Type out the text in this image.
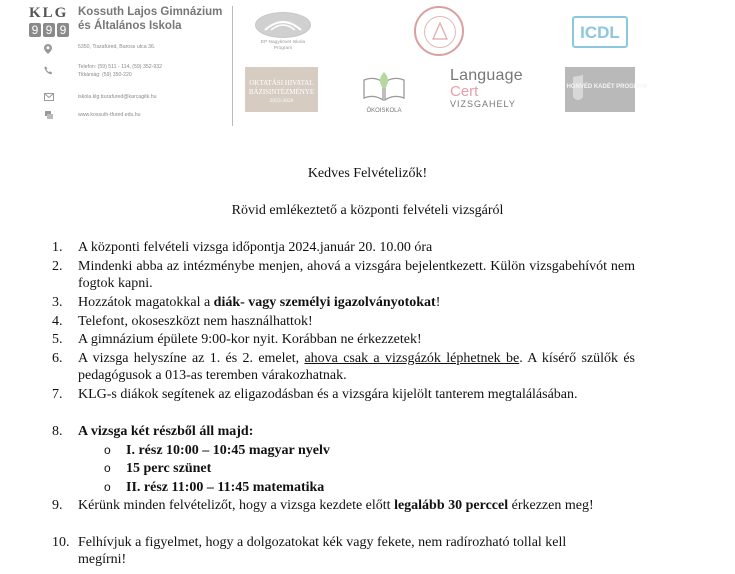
KLG
9 9 9
Kossuth Lajos Gimnázium
és Általános Iskola
5350, Tiszafüred, Baross utca 36.
Telefon: (59) 511 - 114, (59) 352-932
Titkárság: (59) 350-220
iskola.klg.tiszafured@karcagitk.hu
www.kossuth-tfured.edu.hu
EP Nagykövet Iskola Program
ICDL
OKTATÁSI HIVATAL
BÁZISINTÉZMÉNYE
2023-2026
ÖKOISKOLA
Language
Cert
VIZSGAHELY
HONVÉD KADÉT PROGRAM
Kedves Felvételizők!
Rövid emlékeztető a központi felvételi vizsgáról
1.	A központi felvételi vizsga időpontja 2024.január 20. 10.00 óra
2.	Mindenki abba az intézménybe menjen, ahová a vizsgára bejelentkezett. Külön vizsgabehívót nem fogtok kapni.
3.	Hozzátok magatokkal a diák- vagy személyi igazolványotokat!
4.	Telefont, okoseszközt nem használhattok!
5.	A gimnázium épülete 9:00-kor nyit. Korábban ne érkezzetek!
6.	A vizsga helyszíne az 1. és 2. emelet, ahova csak a vizsgázók léphetnek be. A kísérő szülők és pedagógusok a 013-as teremben várakozhatnak.
7.	KLG-s diákok segítenek az eligazodásban és a vizsgára kijelölt tanterem megtalálásában.
8.	A vizsga két részből áll majd:
o I. rész 10:00 – 10:45 magyar nyelv
o 15 perc szünet
o II. rész 11:00 – 11:45 matematika
9.	Kérünk minden felvételizőt, hogy a vizsga kezdete előtt legalább 30 perccel érkezzen meg!
10. Felhívjuk a figyelmet, hogy a dolgozatokat kék vagy fekete, nem radírozható tollal kell megírni!
